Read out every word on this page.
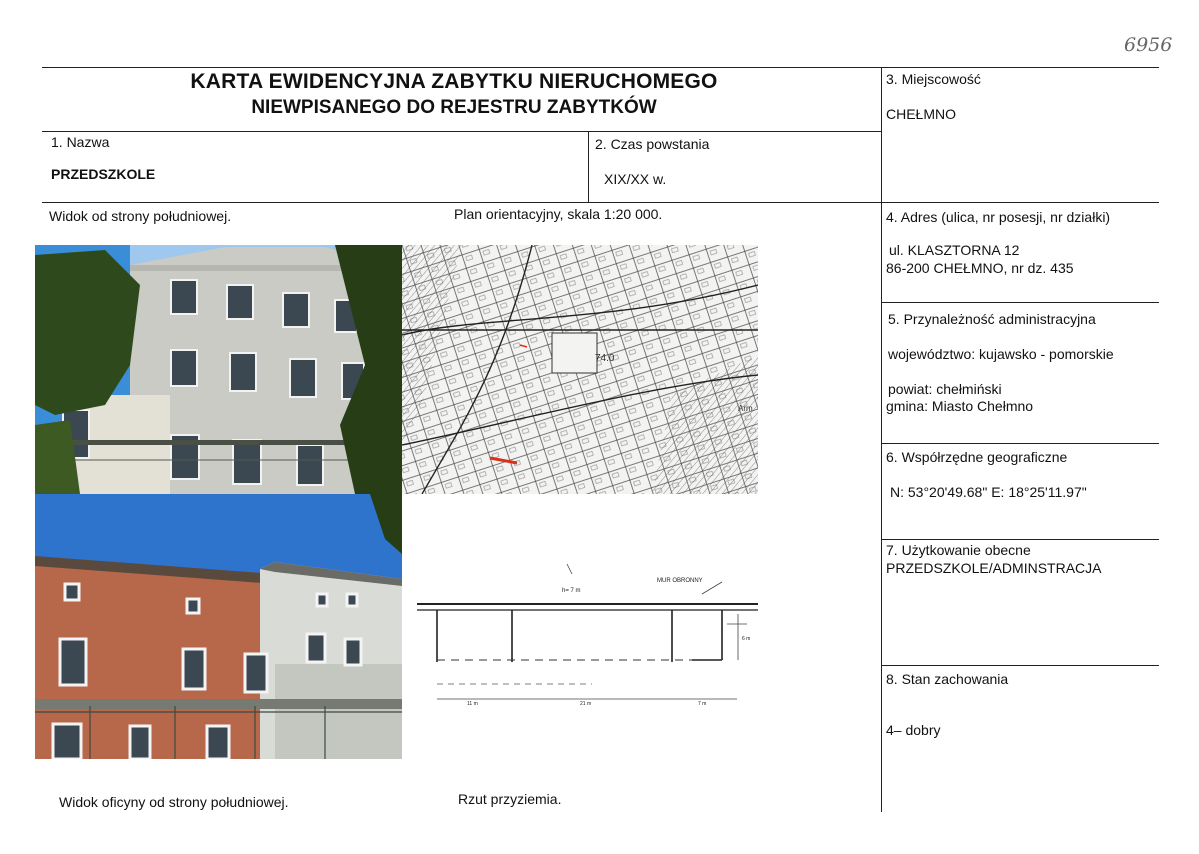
6956
KARTA EWIDENCYJNA ZABYTKU NIERUCHOMEGO
NIEWPISANEGO DO REJESTRU ZABYTKÓW
1. Nazwa
PRZEDSZKOLE
2. Czas powstania
XIX/XX w.
3. Miejscowość
CHEŁMNO
4. Adres (ulica, nr posesji, nr działki)
ul. KLASZTORNA 12
86-200 CHEŁMNO, nr dz. 435
5. Przynależność administracyjna
województwo: kujawsko - pomorskie
powiat: chełmiński
gmina: Miasto Chełmno
6. Współrzędne geograficzne
N: 53°20'49.68" E: 18°25'11.97"
7. Użytkowanie obecne
PRZEDSZKOLE/ADMINSTRACJA
8. Stan zachowania
4– dobry
Widok od strony południowej.	Plan orientacyjny, skala 1:20 000.
Widok oficyny od strony południowej.	Rzut przyziemia.
74.0
Arm
h= 7 m
MUR OBRONNY
11 m	21 m	7 m
6 m
